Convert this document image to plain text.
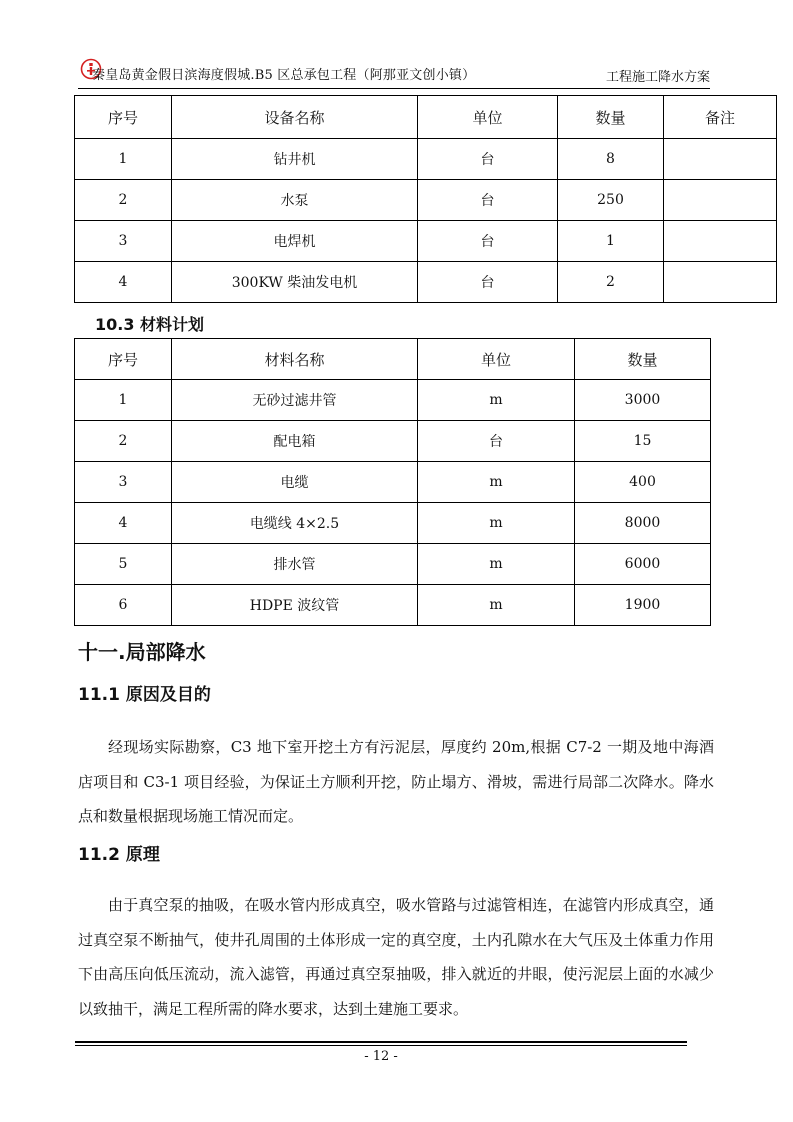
秦皇岛黄金假日滨海度假城.B5 区总承包工程（阿那亚文创小镇）	工程施工降水方案
序号	设备名称	单位	数量	备注
1	钻井机	台	8	
2	水泵	台	250	
3	电焊机	台	1	
4	300KW 柴油发电机	台	2	
10.3 材料计划
序号	材料名称	单位	数量
1	无砂过滤井管	m	3000
2	配电箱	台	15
3	电缆	m	400
4	电缆线 4×2.5	m	8000
5	排水管	m	6000
6	HDPE 波纹管	m	1900
十一.局部降水
11.1 原因及目的

经现场实际勘察，C3 地下室开挖土方有污泥层，厚度约 20m,根据 C7-2 一期及地中海酒店项目和 C3-1 项目经验，为保证土方顺利开挖，防止塌方、滑坡，需进行局部二次降水。降水点和数量根据现场施工情况而定。

11.2 原理

由于真空泵的抽吸，在吸水管内形成真空，吸水管路与过滤管相连，在滤管内形成真空，通过真空泵不断抽气，使井孔周围的土体形成一定的真空度，土内孔隙水在大气压及土体重力作用下由高压向低压流动，流入滤管，再通过真空泵抽吸，排入就近的井眼，使污泥层上面的水减少以致抽干，满足工程所需的降水要求，达到土建施工要求。

- 12 -
